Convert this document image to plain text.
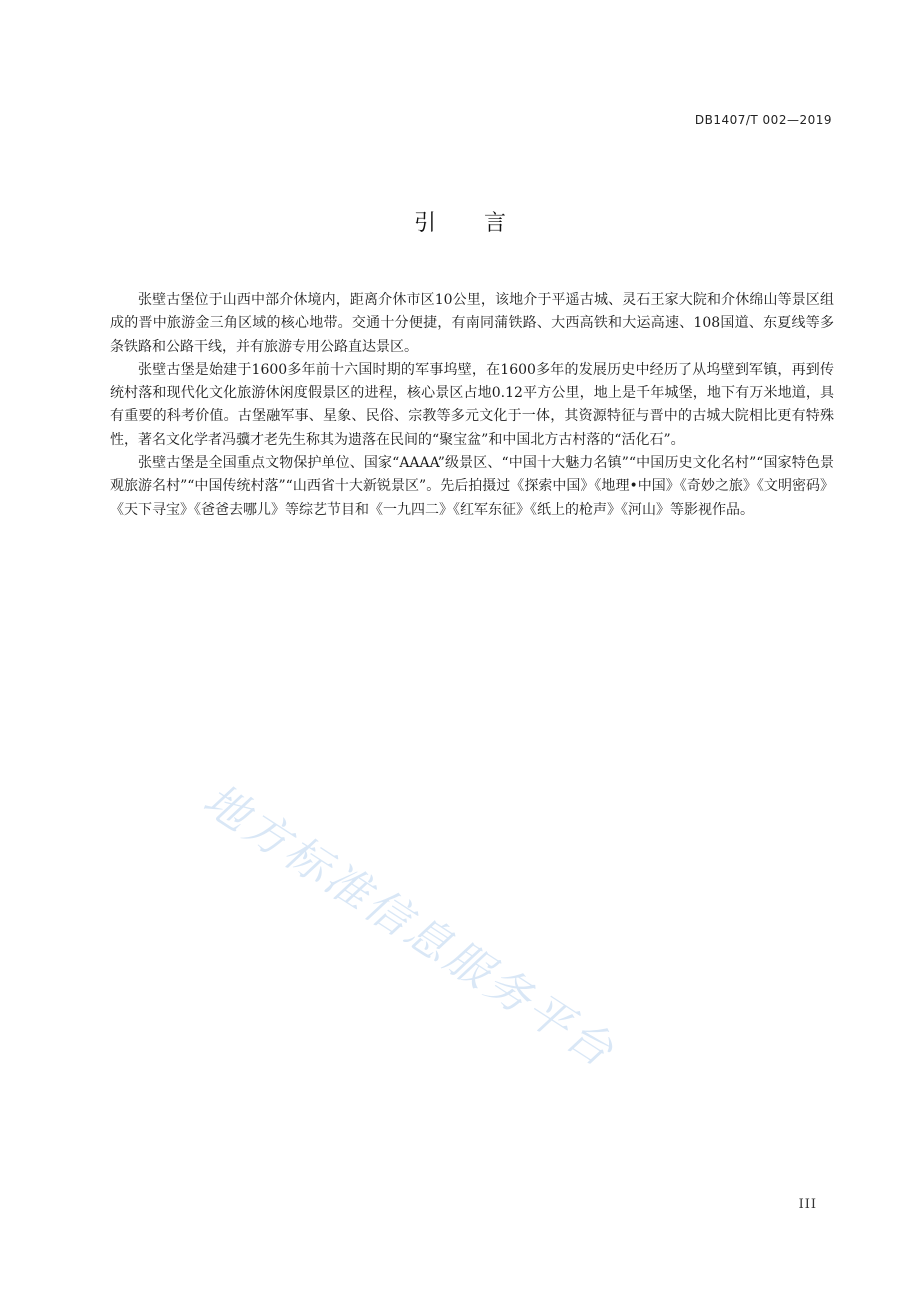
DB1407/T 002—2019
引言

张壁古堡位于山西中部介休境内，距离介休市区10公里，该地介于平遥古城、灵石王家大院和介休绵山等景区组成的晋中旅游金三角区域的核心地带。交通十分便捷，有南同蒲铁路、大西高铁和大运高速、108国道、东夏线等多条铁路和公路干线，并有旅游专用公路直达景区。

张壁古堡是始建于1600多年前十六国时期的军事坞壁，在1600多年的发展历史中经历了从坞壁到军镇，再到传统村落和现代化文化旅游休闲度假景区的进程，核心景区占地0.12平方公里，地上是千年城堡，地下有万米地道，具有重要的科考价值。古堡融军事、星象、民俗、宗教等多元文化于一体，其资源特征与晋中的古城大院相比更有特殊性，著名文化学者冯骥才老先生称其为遗落在民间的“聚宝盆”和中国北方古村落的“活化石”。

张壁古堡是全国重点文物保护单位、国家“AAAA”级景区、“中国十大魅力名镇”“中国历史文化名村”“国家特色景观旅游名村”“中国传统村落”“山西省十大新锐景区”。先后拍摄过《探索中国》《地理•中国》《奇妙之旅》《文明密码》《天下寻宝》《爸爸去哪儿》等综艺节目和《一九四二》《红军东征》《纸上的枪声》《河山》等影视作品。

地方标准信息服务平台
III
